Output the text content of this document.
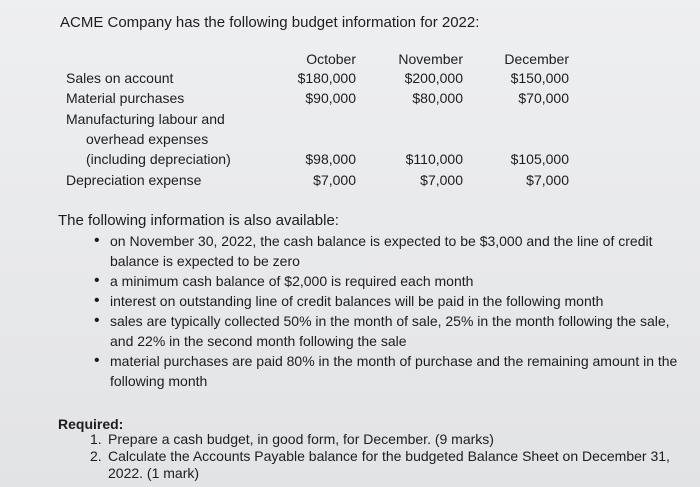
ACME Company has the following budget information for 2022:
October	November	December
Sales on account	$180,000	$200,000	$150,000
Material purchases	$90,000	$80,000	$70,000
Manufacturing labour and
overhead expenses
(including depreciation)	$98,000	$110,000	$105,000
Depreciation expense	$7,000	$7,000	$7,000
The following information is also available:
• on November 30, 2022, the cash balance is expected to be $3,000 and the line of credit balance is expected to be zero
• a minimum cash balance of $2,000 is required each month
• interest on outstanding line of credit balances will be paid in the following month
• sales are typically collected 50% in the month of sale, 25% in the month following the sale, and 22% in the second month following the sale
• material purchases are paid 80% in the month of purchase and the remaining amount in the following month
Required:
1. Prepare a cash budget, in good form, for December. (9 marks)
2. Calculate the Accounts Payable balance for the budgeted Balance Sheet on December 31, 2022. (1 mark)
